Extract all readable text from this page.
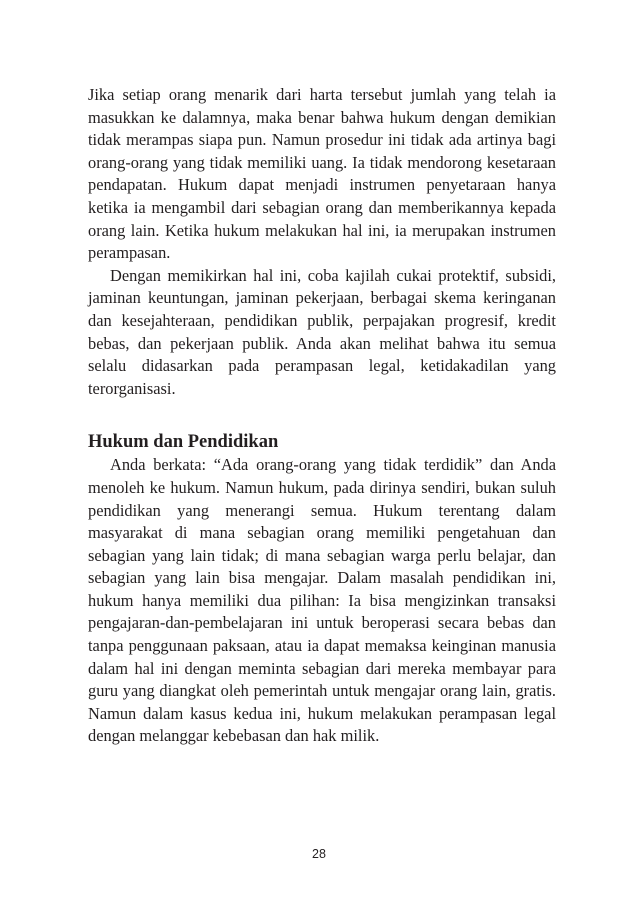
Jika setiap orang menarik dari harta tersebut jumlah yang telah ia masukkan ke dalamnya, maka benar bahwa hukum dengan demikian tidak merampas siapa pun. Namun prosedur ini tidak ada artinya bagi orang-orang yang tidak memiliki uang. Ia tidak mendorong kesetaraan pendapatan. Hukum dapat menjadi instrumen penyetaraan hanya ketika ia mengambil dari sebagian orang dan memberikannya kepada orang lain. Ketika hukum melakukan hal ini, ia merupakan instrumen perampasan.

Dengan memikirkan hal ini, coba kajilah cukai protektif, subsidi, jaminan keuntungan, jaminan pekerjaan, berbagai skema keringanan dan kesejahteraan, pendidikan publik, perpajakan progresif, kredit bebas, dan pekerjaan publik. Anda akan melihat bahwa itu semua selalu didasarkan pada perampasan legal, ketidakadilan yang terorganisasi.

Hukum dan Pendidikan

Anda berkata: “Ada orang-orang yang tidak terdidik” dan Anda menoleh ke hukum. Namun hukum, pada dirinya sendiri, bukan suluh pendidikan yang menerangi semua. Hukum terentang dalam masyarakat di mana sebagian orang memiliki pengetahuan dan sebagian yang lain tidak; di mana sebagian warga perlu belajar, dan sebagian yang lain bisa mengajar. Dalam masalah pendidikan ini, hukum hanya memiliki dua pilihan: Ia bisa mengizinkan transaksi pengajaran-dan-pembelajaran ini untuk beroperasi secara bebas dan tanpa penggunaan paksaan, atau ia dapat memaksa keinginan manusia dalam hal ini dengan meminta sebagian dari mereka membayar para guru yang diangkat oleh pemerintah untuk mengajar orang lain, gratis. Namun dalam kasus kedua ini, hukum melakukan perampasan legal dengan melanggar kebebasan dan hak milik.

28
